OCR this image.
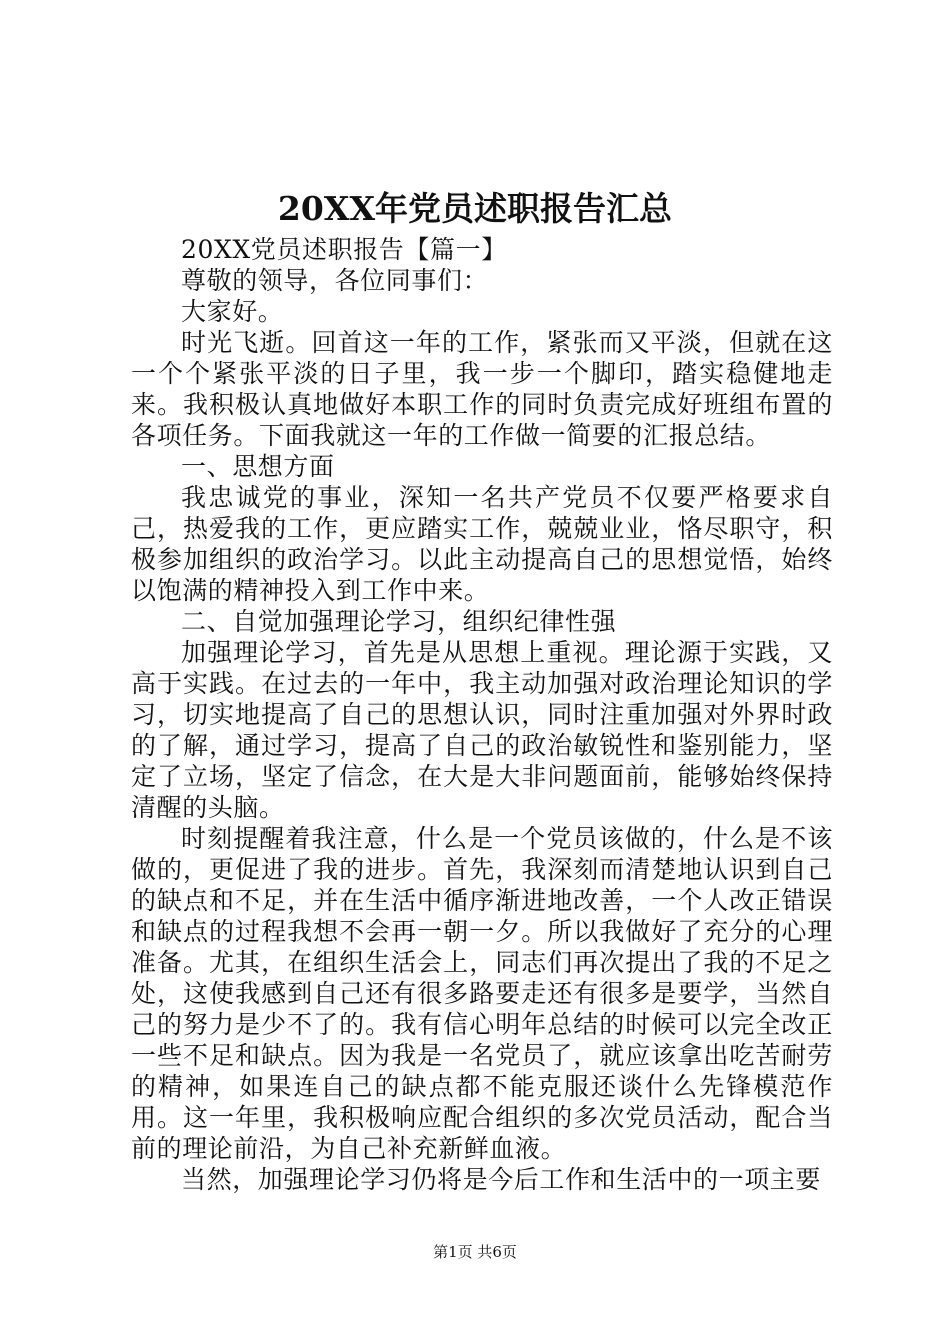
20XX年党员述职报告汇总

20XX党员述职报告【篇一】

尊敬的领导，各位同事们：

大家好。

时光飞逝。回首这一年的工作，紧张而又平淡，但就在这一个个紧张平淡的日子里，我一步一个脚印，踏实稳健地走来。我积极认真地做好本职工作的同时负责完成好班组布置的各项任务。下面我就这一年的工作做一简要的汇报总结。

一、思想方面

我忠诚党的事业，深知一名共产党员不仅要严格要求自己，热爱我的工作，更应踏实工作，兢兢业业，恪尽职守，积极参加组织的政治学习。以此主动提高自己的思想觉悟，始终以饱满的精神投入到工作中来。

二、自觉加强理论学习，组织纪律性强

加强理论学习，首先是从思想上重视。理论源于实践，又高于实践。在过去的一年中，我主动加强对政治理论知识的学习，切实地提高了自己的思想认识，同时注重加强对外界时政的了解，通过学习，提高了自己的政治敏锐性和鉴别能力，坚定了立场，坚定了信念，在大是大非问题面前，能够始终保持清醒的头脑。

时刻提醒着我注意，什么是一个党员该做的，什么是不该做的，更促进了我的进步。首先，我深刻而清楚地认识到自己的缺点和不足，并在生活中循序渐进地改善，一个人改正错误和缺点的过程我想不会再一朝一夕。所以我做好了充分的心理准备。尤其，在组织生活会上，同志们再次提出了我的不足之处，这使我感到自己还有很多路要走还有很多是要学，当然自己的努力是少不了的。我有信心明年总结的时候可以完全改正一些不足和缺点。因为我是一名党员了，就应该拿出吃苦耐劳的精神，如果连自己的缺点都不能克服还谈什么先锋模范作用。这一年里，我积极响应配合组织的多次党员活动，配合当前的理论前沿，为自己补充新鲜血液。

当然，加强理论学习仍将是今后工作和生活中的一项主要

第1页 共6页
